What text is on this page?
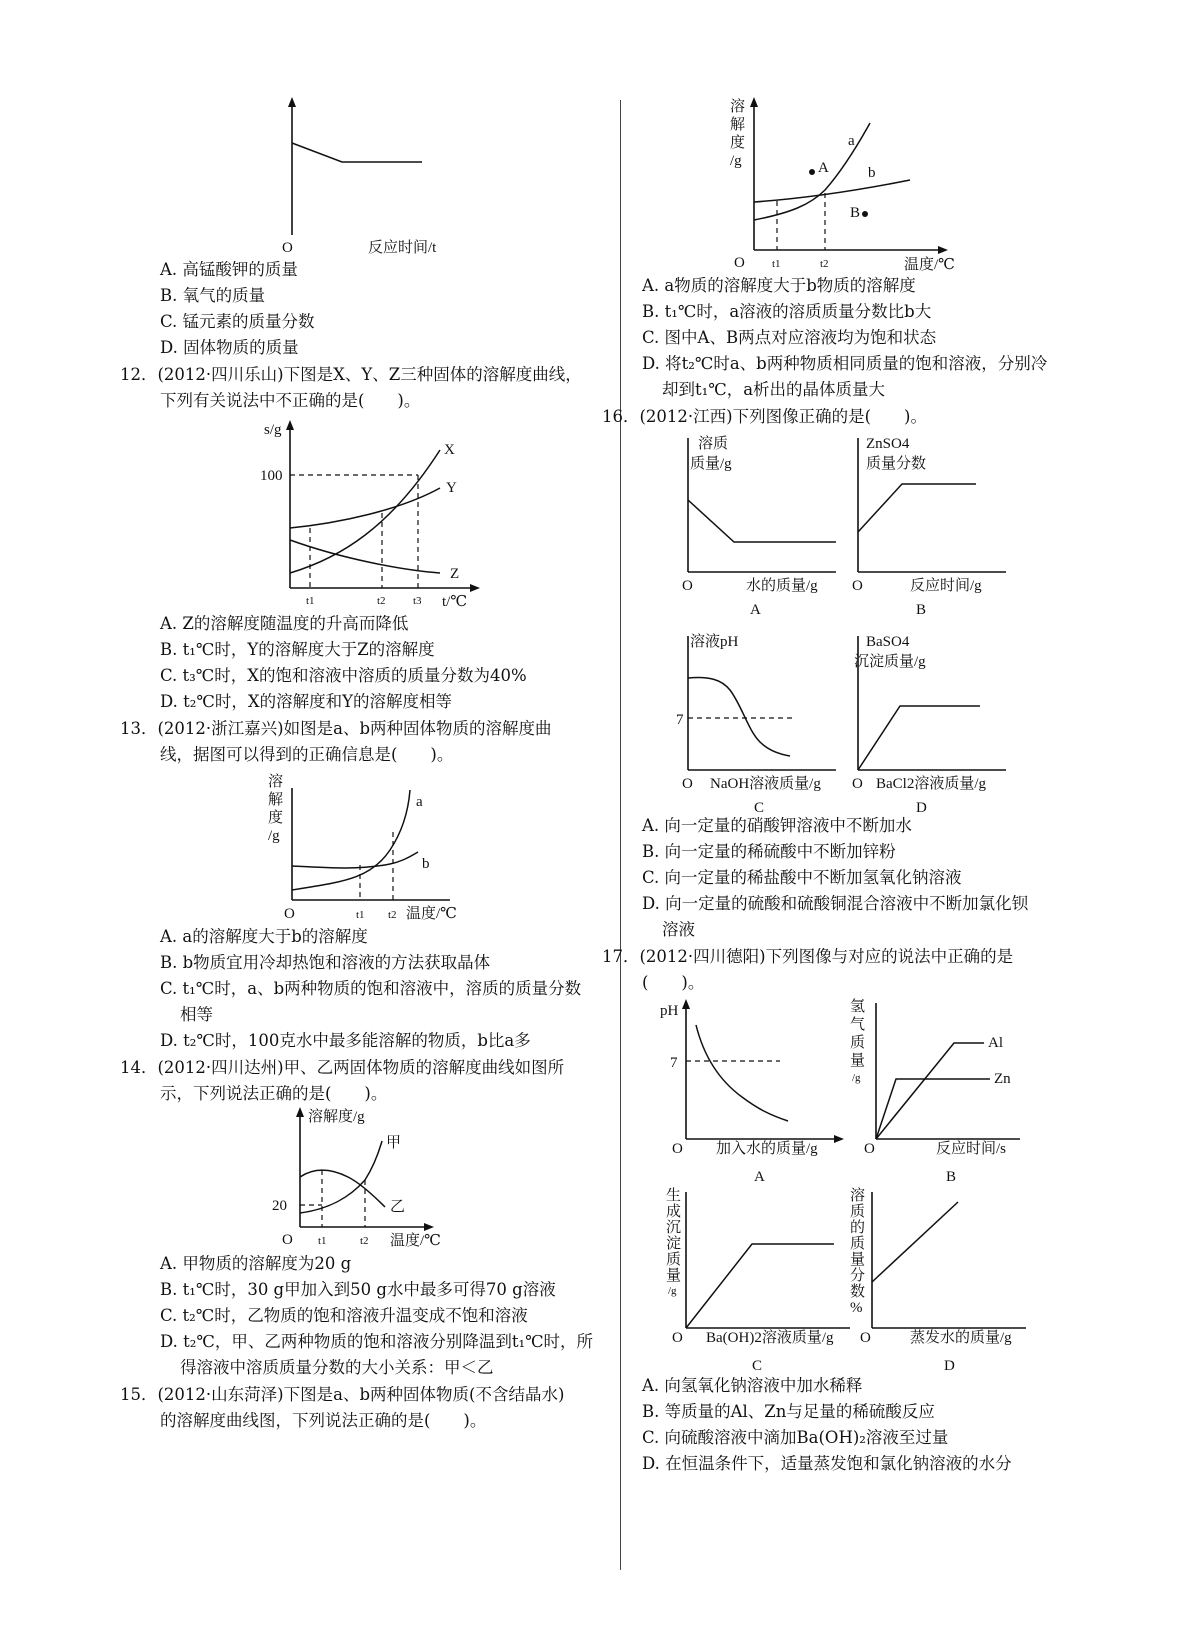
O	反应时间/t
A. 高锰酸钾的质量
B. 氧气的质量
C. 锰元素的质量分数
D. 固体物质的质量
12．(2012·四川乐山)下图是X、Y、Z三种固体的溶解度曲线，
下列有关说法中不正确的是(　　)。
s/g
100
X
Y
Z
t1	t2 t3 t/℃
A. Z的溶解度随温度的升高而降低
B. t₁℃时，Y的溶解度大于Z的溶解度
C. t₃℃时，X的饱和溶液中溶质的质量分数为40%
D. t₂℃时，X的溶解度和Y的溶解度相等
13．(2012·浙江嘉兴)如图是a、b两种固体物质的溶解度曲
线，据图可以得到的正确信息是(　　)。
溶
解
度
/g
a
b
O	t1 t2 温度/℃
A. a的溶解度大于b的溶解度
B. b物质宜用冷却热饱和溶液的方法获取晶体
C. t₁℃时，a、b两种物质的饱和溶液中，溶质的质量分数
相等
D. t₂℃时，100克水中最多能溶解的物质，b比a多
14．(2012·四川达州)甲、乙两固体物质的溶解度曲线如图所
示，下列说法正确的是(　　)。
溶解度/g
甲
乙
20
O t1	t2 温度/℃
A. 甲物质的溶解度为20 g
B. t₁℃时，30 g甲加入到50 g水中最多可得70 g溶液
C. t₂℃时，乙物质的饱和溶液升温变成不饱和溶液
D. t₂℃，甲、乙两种物质的饱和溶液分别降温到t₁℃时，所
得溶液中溶质质量分数的大小关系：甲＜乙
15．(2012·山东菏泽)下图是a、b两种固体物质(不含结晶水)
的溶解度曲线图，下列说法正确的是(　　)。
溶
解
度
/g	A
B
a
b
O t1	t2	温度/℃
A. a物质的溶解度大于b物质的溶解度
B. t₁℃时，a溶液的溶质质量分数比b大
C. 图中A、B两点对应溶液均为饱和状态
D. 将t₂℃时a、b两种物质相同质量的饱和溶液，分别冷
却到t₁℃，a析出的晶体质量大
16．(2012·江西)下列图像正确的是(　　)。
溶质
质量/g
O	水的质量/g
A
ZnSO4
质量分数
O	反应时间/g
B
溶液pH
7
O NaOH溶液质量/g
C
BaSO4
沉淀质量/g
O BaCl2溶液质量/g
D
A. 向一定量的硝酸钾溶液中不断加水
B. 向一定量的稀硫酸中不断加锌粉
C. 向一定量的稀盐酸中不断加氢氧化钠溶液
D. 向一定量的硫酸和硫酸铜混合溶液中不断加氯化钡
溶液
17．(2012·四川德阳)下列图像与对应的说法中正确的是
(　　)。
pH
7
O 加入水的质量/g
A
氢
气
质
量
/g
Al
Zn
O	反应时间/s
B
生
成
沉
淀
质
量
/g
O Ba(OH)2溶液质量/g
C
溶
质
的
质
量
分
数
%
O	蒸发水的质量/g
D
A. 向氢氧化钠溶液中加水稀释
B. 等质量的Al、Zn与足量的稀硫酸反应
C. 向硫酸溶液中滴加Ba(OH)₂溶液至过量
D. 在恒温条件下，适量蒸发饱和氯化钠溶液的水分
